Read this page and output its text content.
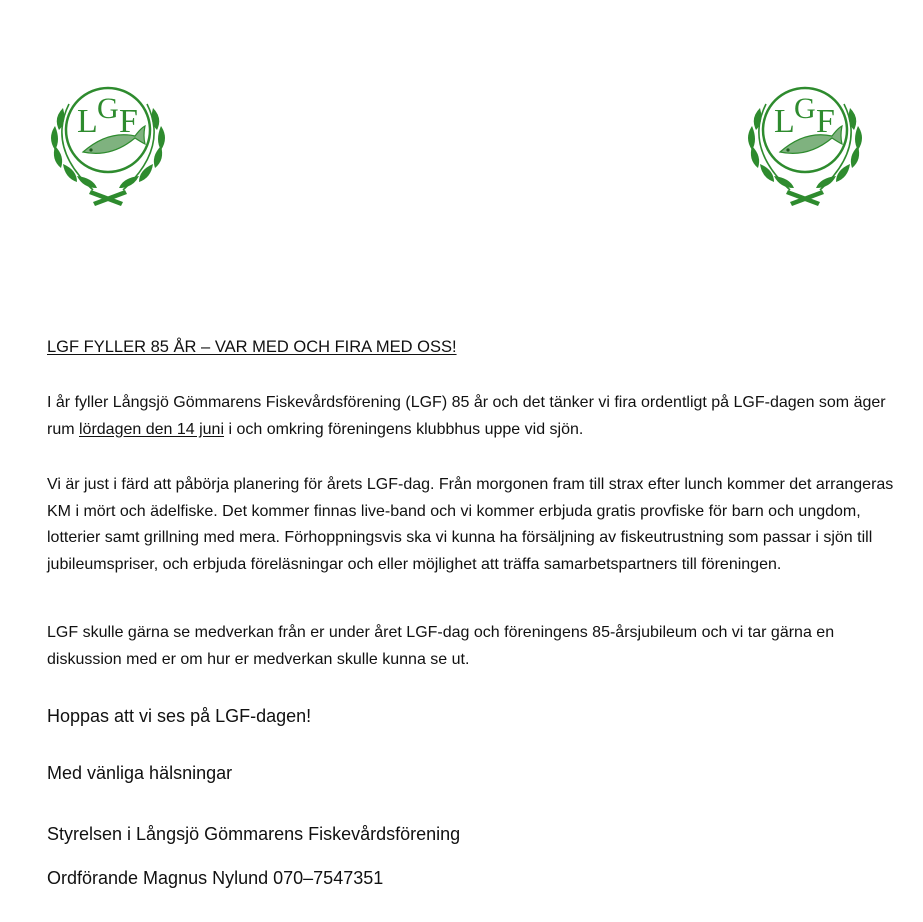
L G F	L G F
LGF FYLLER 85 ÅR – VAR MED OCH FIRA MED OSS!

I år fyller Långsjö Gömmarens Fiskevårdsförening (LGF) 85 år och det tänker vi fira ordentligt på LGF-dagen som äger rum lördagen den 14 juni i och omkring föreningens klubbhus uppe vid sjön.

Vi är just i färd att påbörja planering för årets LGF-dag. Från morgonen fram till strax efter lunch kommer det arrangeras KM i mört och ädelfiske. Det kommer finnas live-band och vi kommer erbjuda gratis provfiske för barn och ungdom, lotterier samt grillning med mera. Förhoppningsvis ska vi kunna ha försäljning av fiskeutrustning som passar i sjön till jubileumspriser, och erbjuda föreläsningar och eller möjlighet att träffa samarbetspartners till föreningen.

LGF skulle gärna se medverkan från er under året LGF-dag och föreningens 85-årsjubileum och vi tar gärna en diskussion med er om hur er medverkan skulle kunna se ut.

Hoppas att vi ses på LGF-dagen!

Med vänliga hälsningar

Styrelsen i Långsjö Gömmarens Fiskevårdsförening

Ordförande Magnus Nylund 070–7547351
